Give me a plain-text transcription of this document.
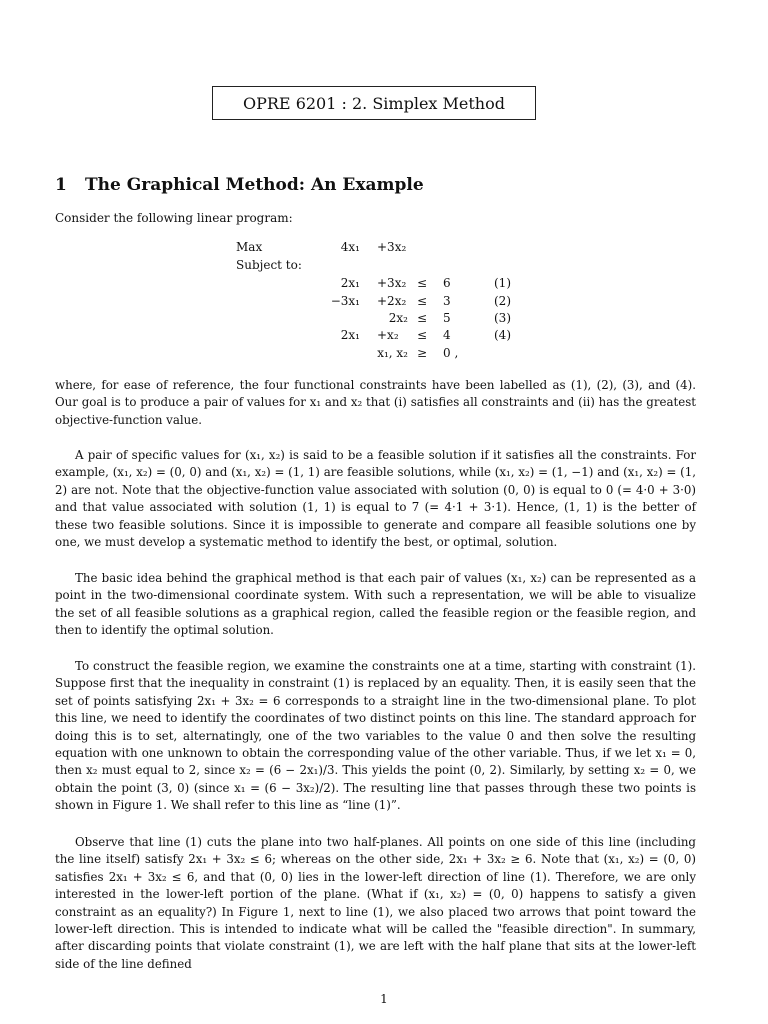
OPRE 6201 : 2. Simplex Method
1 The Graphical Method: An Example
Consider the following linear program:
Max	4x₁ +3x₂
Subject to:
2x₁ +3x₂ ≤	6	(1)
−3x₁ +2x₂ ≤	3	(2)
2x₂ ≤	5	(3)
2x₁ +x₂	≤	4	(4)
x₁, x₂ ≥	0 ,

where, for ease of reference, the four functional constraints have been labelled as (1), (2), (3), and (4). Our goal is to produce a pair of values for x₁ and x₂ that (i) satisfies all constraints and (ii) has the greatest objective-function value.

A pair of specific values for (x₁, x₂) is said to be a feasible solution if it satisfies all the constraints. For example, (x₁, x₂) = (0, 0) and (x₁, x₂) = (1, 1) are feasible solutions, while (x₁, x₂) = (1, −1) and (x₁, x₂) = (1, 2) are not. Note that the objective-function value associated with solution (0, 0) is equal to 0 (= 4·0 + 3·0) and that value associated with solution (1, 1) is equal to 7 (= 4·1 + 3·1). Hence, (1, 1) is the better of these two feasible solutions. Since it is impossible to generate and compare all feasible solutions one by one, we must develop a systematic method to identify the best, or optimal, solution.

The basic idea behind the graphical method is that each pair of values (x₁, x₂) can be represented as a point in the two-dimensional coordinate system. With such a representation, we will be able to visualize the set of all feasible solutions as a graphical region, called the feasible region or the feasible region, and then to identify the optimal solution.

To construct the feasible region, we examine the constraints one at a time, starting with constraint (1). Suppose first that the inequality in constraint (1) is replaced by an equality. Then, it is easily seen that the set of points satisfying 2x₁ + 3x₂ = 6 corresponds to a straight line in the two-dimensional plane. To plot this line, we need to identify the coordinates of two distinct points on this line. The standard approach for doing this is to set, alternatingly, one of the two variables to the value 0 and then solve the resulting equation with one unknown to obtain the corresponding value of the other variable. Thus, if we let x₁ = 0, then x₂ must equal to 2, since x₂ = (6 − 2x₁)/3. This yields the point (0, 2). Similarly, by setting x₂ = 0, we obtain the point (3, 0) (since x₁ = (6 − 3x₂)/2). The resulting line that passes through these two points is shown in Figure 1. We shall refer to this line as “line (1)”.

Observe that line (1) cuts the plane into two half-planes. All points on one side of this line (including the line itself) satisfy 2x₁ + 3x₂ ≤ 6; whereas on the other side, 2x₁ + 3x₂ ≥ 6. Note that (x₁, x₂) = (0, 0) satisfies 2x₁ + 3x₂ ≤ 6, and that (0, 0) lies in the lower-left direction of line (1). Therefore, we are only interested in the lower-left portion of the plane. (What if (x₁, x₂) = (0, 0) happens to satisfy a given constraint as an equality?) In Figure 1, next to line (1), we also placed two arrows that point toward the lower-left direction. This is intended to indicate what will be called the "feasible direction". In summary, after discarding points that violate constraint (1), we are left with the half plane that sits at the lower-left side of the line defined

1
